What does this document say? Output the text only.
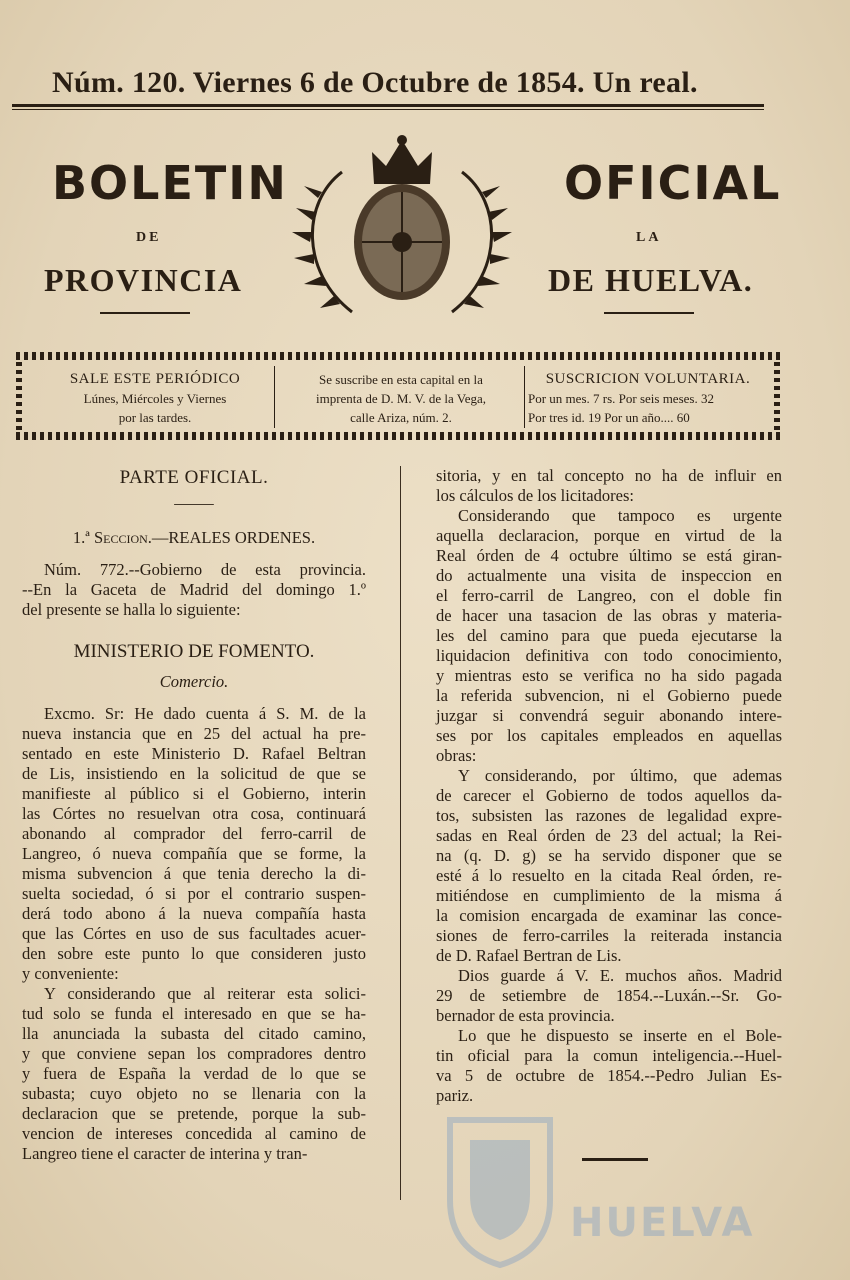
Núm. 120. Viernes 6 de Octubre de 1854. Un real.
BOLETIN	OFICIAL
DE	LA
PROVINCIA	DE HUELVA.
SALE ESTE PERIÓDICO
Lúnes, Miércoles y Viernes
por las tardes.
Se suscribe en esta capital en la
imprenta de D. M. V. de la Vega,
calle Ariza, núm. 2.
SUSCRICION VOLUNTARIA.
Por un mes. 7 rs. Por seis meses. 32
Por tres id. 19 Por un año.... 60
PARTE OFICIAL.
⸻
1.ª Seccion.—REALES ORDENES.
Núm. 772.--Gobierno de esta provincia.
--En la Gaceta de Madrid del domingo 1.º
del presente se halla lo siguiente:
MINISTERIO DE FOMENTO.
Comercio.
Excmo. Sr: He dado cuenta á S. M. de la
nueva instancia que en 25 del actual ha pre-
sentado en este Ministerio D. Rafael Beltran
de Lis, insistiendo en la solicitud de que se
manifieste al público si el Gobierno, interin
las Córtes no resuelvan otra cosa, continuará
abonando al comprador del ferro-carril de
Langreo, ó nueva compañía que se forme, la
misma subvencion á que tenia derecho la di-
suelta sociedad, ó si por el contrario suspen-
derá todo abono á la nueva compañía hasta
que las Córtes en uso de sus facultades acuer-
den sobre este punto lo que consideren justo
y conveniente:
Y considerando que al reiterar esta solici-
tud solo se funda el interesado en que se ha-
lla anunciada la subasta del citado camino,
y que conviene sepan los compradores dentro
y fuera de España la verdad de lo que se
subasta; cuyo objeto no se llenaria con la
declaracion que se pretende, porque la sub-
vencion de intereses concedida al camino de
Langreo tiene el caracter de interina y tran-
sitoria, y en tal concepto no ha de influir en
los cálculos de los licitadores:
Considerando que tampoco es urgente
aquella declaracion, porque en virtud de la
Real órden de 4 octubre último se está giran-
do actualmente una visita de inspeccion en
el ferro-carril de Langreo, con el doble fin
de hacer una tasacion de las obras y materia-
les del camino para que pueda ejecutarse la
liquidacion definitiva con todo conocimiento,
y mientras esto se verifica no ha sido pagada
la referida subvencion, ni el Gobierno puede
juzgar si convendrá seguir abonando intere-
ses por los capitales empleados en aquellas
obras:
Y considerando, por último, que ademas
de carecer el Gobierno de todos aquellos da-
tos, subsisten las razones de legalidad expre-
sadas en Real órden de 23 del actual; la Rei-
na (q. D. g) se ha servido disponer que se
esté á lo resuelto en la citada Real órden, re-
mitiéndose en cumplimiento de la misma á
la comision encargada de examinar las conce-
siones de ferro-carriles la reiterada instancia
de D. Rafael Bertran de Lis.
Dios guarde á V. E. muchos años. Madrid
29 de setiembre de 1854.--Luxán.--Sr. Go-
bernador de esta provincia.
Lo que he dispuesto se inserte en el Bole-
tin oficial para la comun inteligencia.--Huel-
va 5 de octubre de 1854.--Pedro Julian Es-
pariz.
HUELVA
